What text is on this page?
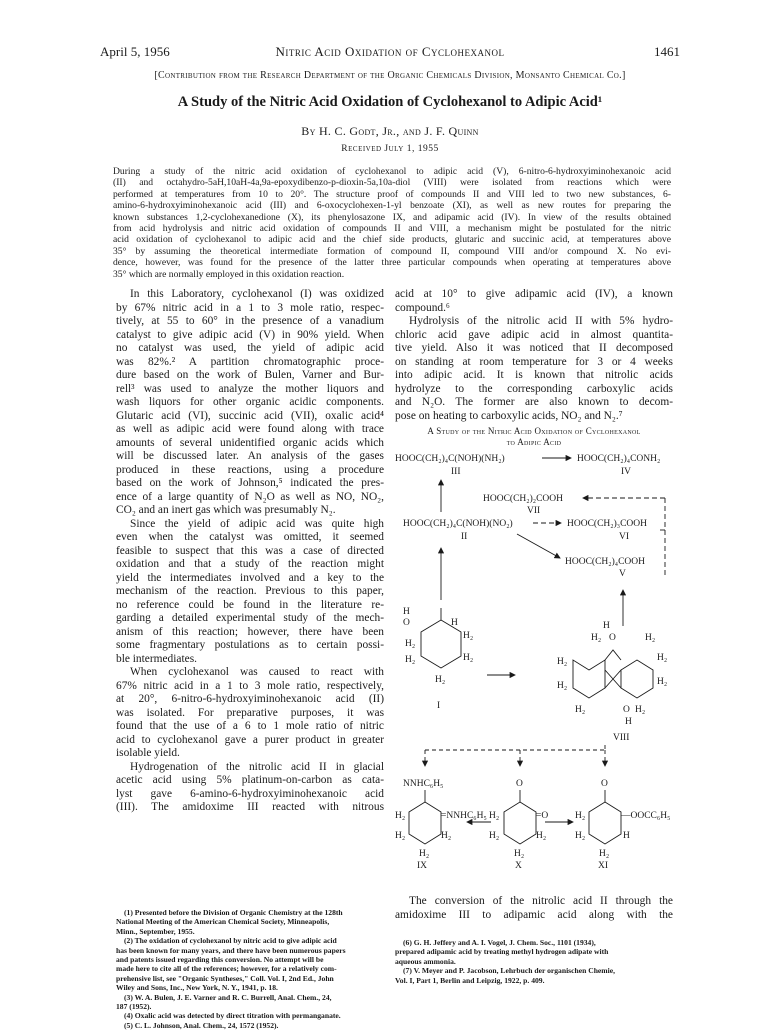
April 5, 1956	Nitric Acid Oxidation of Cyclohexanol	1461
[Contribution from the Research Department of the Organic Chemicals Division, Monsanto Chemical Co.]
A Study of the Nitric Acid Oxidation of Cyclohexanol to Adipic Acid¹
By H. C. Godt, Jr., and J. F. Quinn
Received July 1, 1955
During a study of the nitric acid oxidation of cyclohexanol to adipic acid (V), 6-nitro-6-hydroxyiminohexanoic acid
(II) and octahydro-5aH,10aH-4a,9a-epoxydibenzo-p-dioxin-5a,10a-diol (VIII) were isolated from reactions which were
performed at temperatures from 10 to 20°. The structure proof of compounds II and VIII led to two new substances, 6-
amino-6-hydroxyiminohexanoic acid (III) and 6-oxocyclohexen-1-yl benzoate (XI), as well as new routes for preparing the
known substances 1,2-cyclohexanedione (X), its phenylosazone IX, and adipamic acid (IV). In view of the results obtained
from acid hydrolysis and nitric acid oxidation of compounds II and VIII, a mechanism might be postulated for the nitric
acid oxidation of cyclohexanol to adipic acid and the chief side products, glutaric and succinic acid, at temperatures above
35° by assuming the theoretical intermediate formation of compound II, compound VIII and/or compound X. No evi-
dence, however, was found for the presence of the latter three particular compounds when operating at temperatures above
35° which are normally employed in this oxidation reaction.
In this Laboratory, cyclohexanol (I) was oxidized
by 67% nitric acid in a 1 to 3 mole ratio, respec-
tively, at 55 to 60° in the presence of a vanadium
catalyst to give adipic acid (V) in 90% yield. When
no catalyst was used, the yield of adipic acid
was 82%.² A partition chromatographic proce-
dure based on the work of Bulen, Varner and Bur-
rell³ was used to analyze the mother liquors and
wash liquors for other organic acidic components.
Glutaric acid (VI), succinic acid (VII), oxalic acid⁴
as well as adipic acid were found along with trace
amounts of several unidentified organic acids which
will be discussed later. An analysis of the gases
produced in these reactions, using a procedure
based on the work of Johnson,⁵ indicated the pres-
ence of a large quantity of N₂O as well as NO, NO₂,
CO₂ and an inert gas which was presumably N₂.
Since the yield of adipic acid was quite high
even when the catalyst was omitted, it seemed
feasible to suspect that this was a case of directed
oxidation and that a study of the reaction might
yield the intermediates involved and a key to the
mechanism of the reaction. Previous to this paper,
no reference could be found in the literature re-
garding a detailed experimental study of the mech-
anism of this reaction; however, there have been
some fragmentary postulations as to certain possi-
ble intermediates.
When cyclohexanol was caused to react with
67% nitric acid in a 1 to 3 mole ratio, respectively,
at 20°, 6-nitro-6-hydroxyiminohexanoic acid (II)
was isolated. For preparative purposes, it was
found that the use of a 6 to 1 mole ratio of nitric
acid to cyclohexanol gave a purer product in greater
isolable yield.
Hydrogenation of the nitrolic acid II in glacial
acetic acid using 5% platinum-on-carbon as cata-
lyst gave 6-amino-6-hydroxyiminohexanoic acid
(III). The amidoxime III reacted with nitrous
(1) Presented before the Division of Organic Chemistry at the 128th
National Meeting of the American Chemical Society, Minneapolis,
Minn., September, 1955.
(2) The oxidation of cyclohexanol by nitric acid to give adipic acid
has been known for many years, and there have been numerous papers
and patents issued regarding this conversion. No attempt will be
made here to cite all of the references; however, for a relatively com-
prehensive list, see "Organic Syntheses," Coll. Vol. I, 2nd Ed., John
Wiley and Sons, Inc., New York, N. Y., 1941, p. 18.
(3) W. A. Bulen, J. E. Varner and R. C. Burrell, Anal. Chem., 24,
187 (1952).
(4) Oxalic acid was detected by direct titration with permanganate.
(5) C. L. Johnson, Anal. Chem., 24, 1572 (1952).
acid at 10° to give adipamic acid (IV), a known
compound.⁶
Hydrolysis of the nitrolic acid II with 5% hydro-
chloric acid gave adipic acid in almost quantita-
tive yield. Also it was noticed that II decomposed
on standing at room temperature for 3 or 4 weeks
into adipic acid. It is known that nitrolic acids
hydrolyze to the corresponding carboxylic acids
and N₂O. The former are also known to decom-
pose on heating to carboxylic acids, NO₂ and N₂.⁷
A Study of the Nitric Acid Oxidation of Cyclohexanol
to Adipic Acid
HOOC(CH₂)₄C(NOH)(NH₂)
III
HOOC(CH₂)₄CONH₂
IV
HOOC(CH₂)₂COOH
VII
HOOC(CH₂)₄C(NOH)(NO₂)
II
HOOC(CH₂)₃COOH
VI
HOOC(CH₂)₄COOH
V
H
O	H
H₂
H₂
H₂	H₂
H₂
I
H
H₂ O	H₂
H₂	H₂
H₂	H₂
O
H₂	H₂
H
VIII
NNHC₆H₅
H₂	=NNHC₆H₅
H₂	H₂
H₂
IX
O
H₂	=O
H₂	H₂
H₂
X
O
H₂	—OOCC₆H₅
H₂	H
H₂
XI
The conversion of the nitrolic acid II through the
amidoxime III to adipamic acid along with the
(6) G. H. Jeffery and A. I. Vogel, J. Chem. Soc., 1101 (1934),
prepared adipamic acid by treating methyl hydrogen adipate with
aqueous ammonia.
(7) V. Meyer and P. Jacobson, Lehrbuch der organischen Chemie,
Vol. I, Part 1, Berlin and Leipzig, 1922, p. 409.
